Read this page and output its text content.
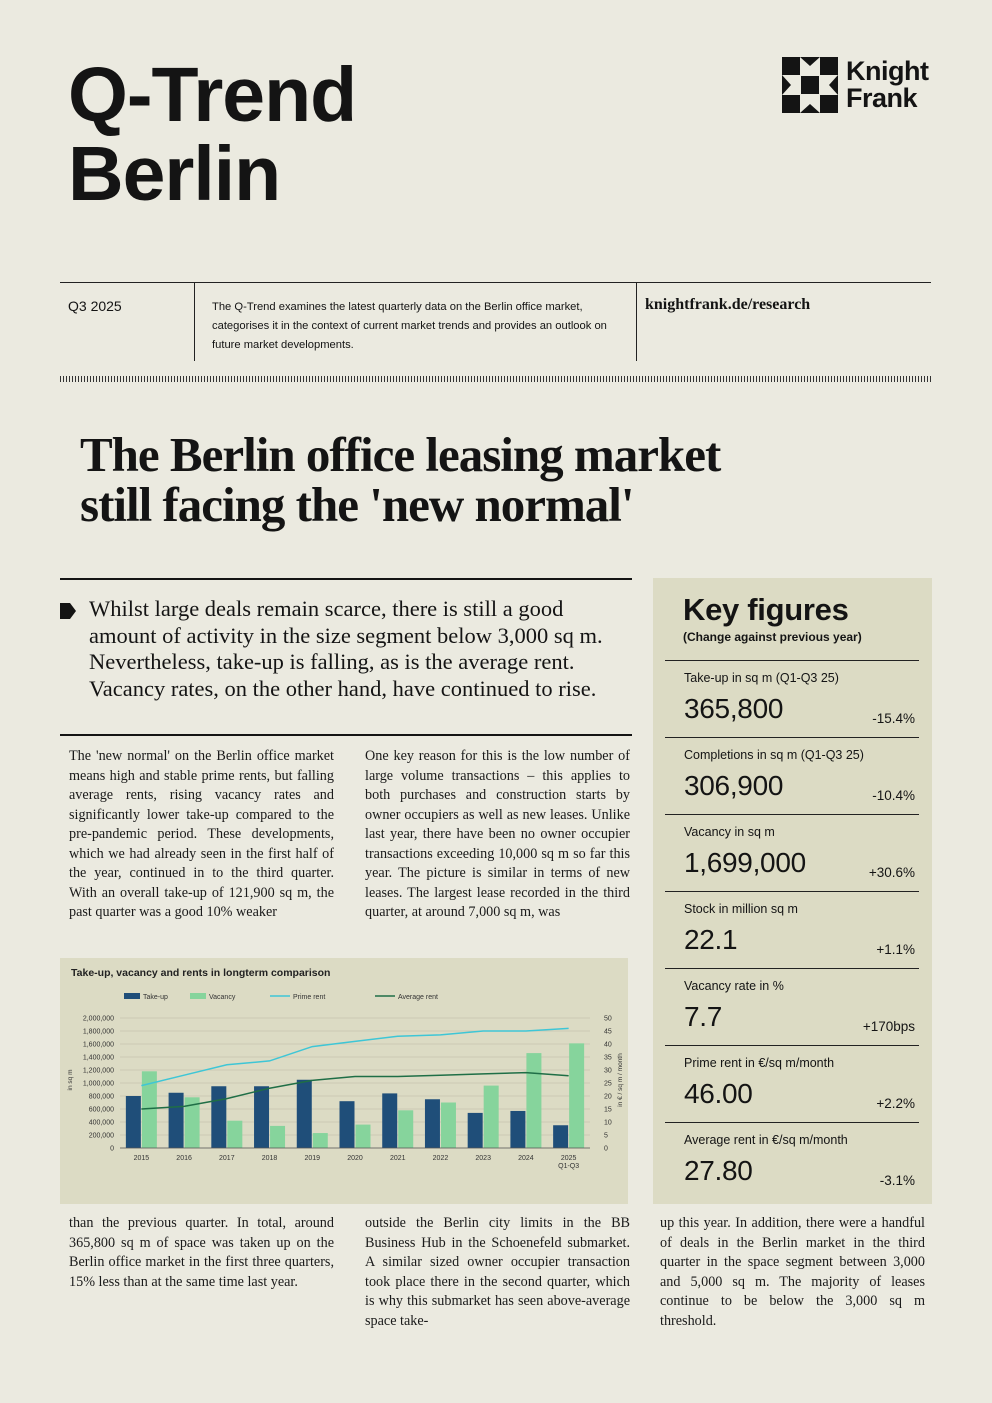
Q-Trend
Berlin
Knight
Frank
Q3 2025	The Q-Trend examines the latest quarterly data on the Berlin office market, categorises it in the context of current market trends and provides an outlook on future market developments.
knightfrank.de/research
The Berlin office leasing market
still facing the 'new normal'
Whilst large deals remain scarce, there is still a good amount of activity in the size segment below 3,000 sq m. Nevertheless, take-up is falling, as is the average rent. Vacancy rates, on the other hand, have continued to rise.
The 'new normal' on the Berlin office market means high and stable prime rents, but falling average rents, rising vacancy rates and significantly lower take-up compared to the pre-pandemic period. These developments, which we had already seen in the first half of the year, continued in to the third quarter. With an overall take-up of 121,900 sq m, the past quarter was a good 10% weaker
One key reason for this is the low number of large volume transactions – this applies to both purchases and construction starts by owner occupiers as well as new leases. Unlike last year, there have been no owner occupier transactions exceeding 10,000 sq m so far this year. The picture is similar in terms of new leases. The largest lease recorded in the third quarter, at around 7,000 sq m, was
than the previous quarter. In total, around 365,800 sq m of space was taken up on the Berlin office market in the first three quarters, 15% less than at the same time last year.
outside the Berlin city limits in the BB Business Hub in the Schoenefeld submarket. A similar sized owner occupier transaction took place there in the second quarter, which is why this submarket has seen above-average space take-
up this year. In addition, there were a handful of deals in the Berlin market in the third quarter in the space segment between 3,000 and 5,000 sq m. The majority of leases continue to be below the 3,000 sq m threshold.
Take-up, vacancy and rents in longterm comparison
Take-up	Vacancy	Prime rent	Average rent
0
200,000
400,000
600,000
800,000
1,000,000
1,200,000
1,400,000
1,600,000
1,800,000
2,000,000
0
5
10
15
20
25
30
35
40
45
50
2015	2016	2017	2018	2019	2020	2021	2022	2023	2024	2025
Q1-Q3
in sq m	in € / sq m / month
Key figures
(Change against previous year)
Take-up in sq m (Q1-Q3 25)
365,800	-15.4%
Completions in sq m (Q1-Q3 25)
306,900	-10.4%
Vacancy in sq m
1,699,000	+30.6%
Stock in million sq m
22.1	+1.1%
Vacancy rate in %
7.7	+170bps
Prime rent in €/sq m/month
46.00	+2.2%
Average rent in €/sq m/month
27.80	-3.1%
